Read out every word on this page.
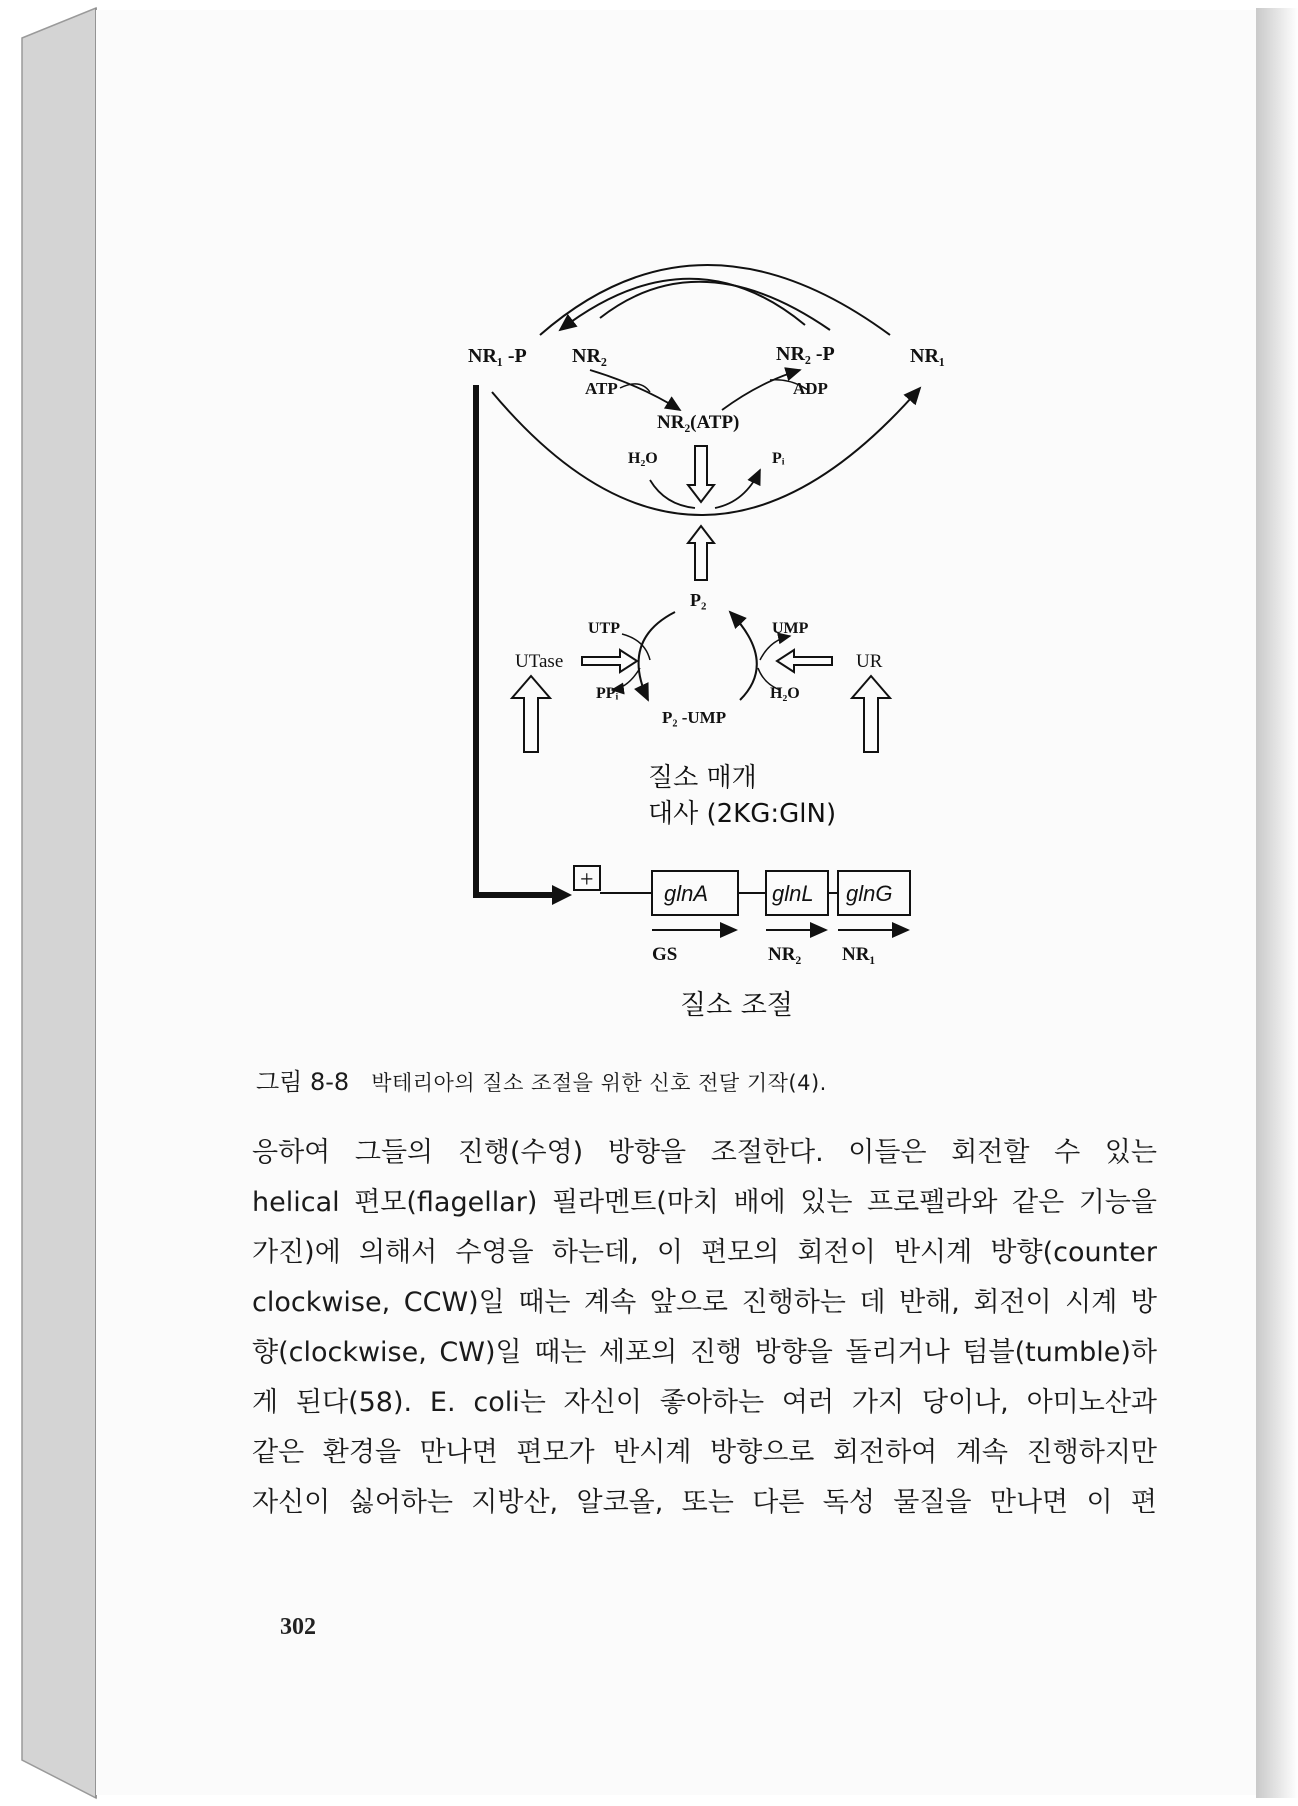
NR₁ -P NR₂	NR₂ -P	NR₁
ATP	ADP
NR₂(ATP)
H₂O	Pᵢ
P₂
UTP	UMP
UTase	UR
PPᵢ	H₂O
P₂ -UMP
질소 매개
대사 (2KG:GlN)
+
glnA	glnL glnG
GS	NR₂ NR₁
질소 조절
그림 8-8 박테리아의 질소 조절을 위한 신호 전달 기작(4).
응하여 그들의 진행(수영) 방향을 조절한다. 이들은 회전할 수 있는
helical 편모(flagellar) 필라멘트(마치 배에 있는 프로펠라와 같은 기능을
가진)에 의해서 수영을 하는데, 이 편모의 회전이 반시계 방향(counter
clockwise, CCW)일 때는 계속 앞으로 진행하는 데 반해, 회전이 시계 방
향(clockwise, CW)일 때는 세포의 진행 방향을 돌리거나 텀블(tumble)하
게 된다(58). E. coli는 자신이 좋아하는 여러 가지 당이나, 아미노산과
같은 환경을 만나면 편모가 반시계 방향으로 회전하여 계속 진행하지만
자신이 싫어하는 지방산, 알코올, 또는 다른 독성 물질을 만나면 이 편
302
